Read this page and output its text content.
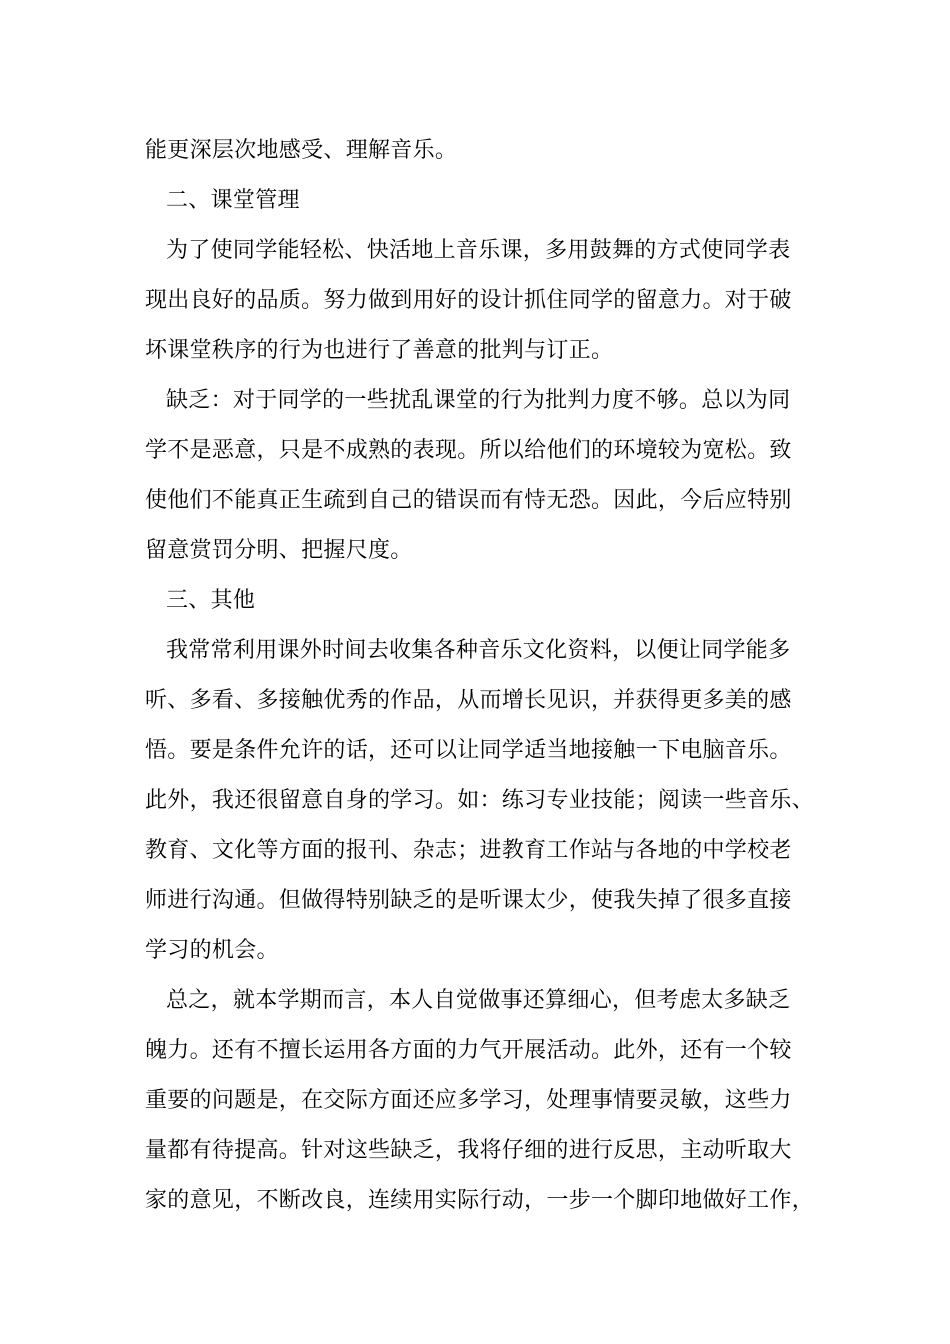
能更深层次地感受、理解音乐。
二、课堂管理
为了使同学能轻松、快活地上音乐课，多用鼓舞的方式使同学表
现出良好的品质。努力做到用好的设计抓住同学的留意力。对于破
坏课堂秩序的行为也进行了善意的批判与订正。
缺乏：对于同学的一些扰乱课堂的行为批判力度不够。总以为同
学不是恶意，只是不成熟的表现。所以给他们的环境较为宽松。致
使他们不能真正生疏到自己的错误而有恃无恐。因此，今后应特别
留意赏罚分明、把握尺度。
三、其他
我常常利用课外时间去收集各种音乐文化资料，以便让同学能多
听、多看、多接触优秀的作品，从而增长见识，并获得更多美的感
悟。要是条件允许的话，还可以让同学适当地接触一下电脑音乐。
此外，我还很留意自身的学习。如：练习专业技能；阅读一些音乐、
教育、文化等方面的报刊、杂志；进教育工作站与各地的中学校老
师进行沟通。但做得特别缺乏的是听课太少，使我失掉了很多直接
学习的机会。
总之，就本学期而言，本人自觉做事还算细心，但考虑太多缺乏
魄力。还有不擅长运用各方面的力气开展活动。此外，还有一个较
重要的问题是，在交际方面还应多学习，处理事情要灵敏，这些力
量都有待提高。针对这些缺乏，我将仔细的进行反思，主动听取大
家的意见，不断改良，连续用实际行动，一步一个脚印地做好工作，
